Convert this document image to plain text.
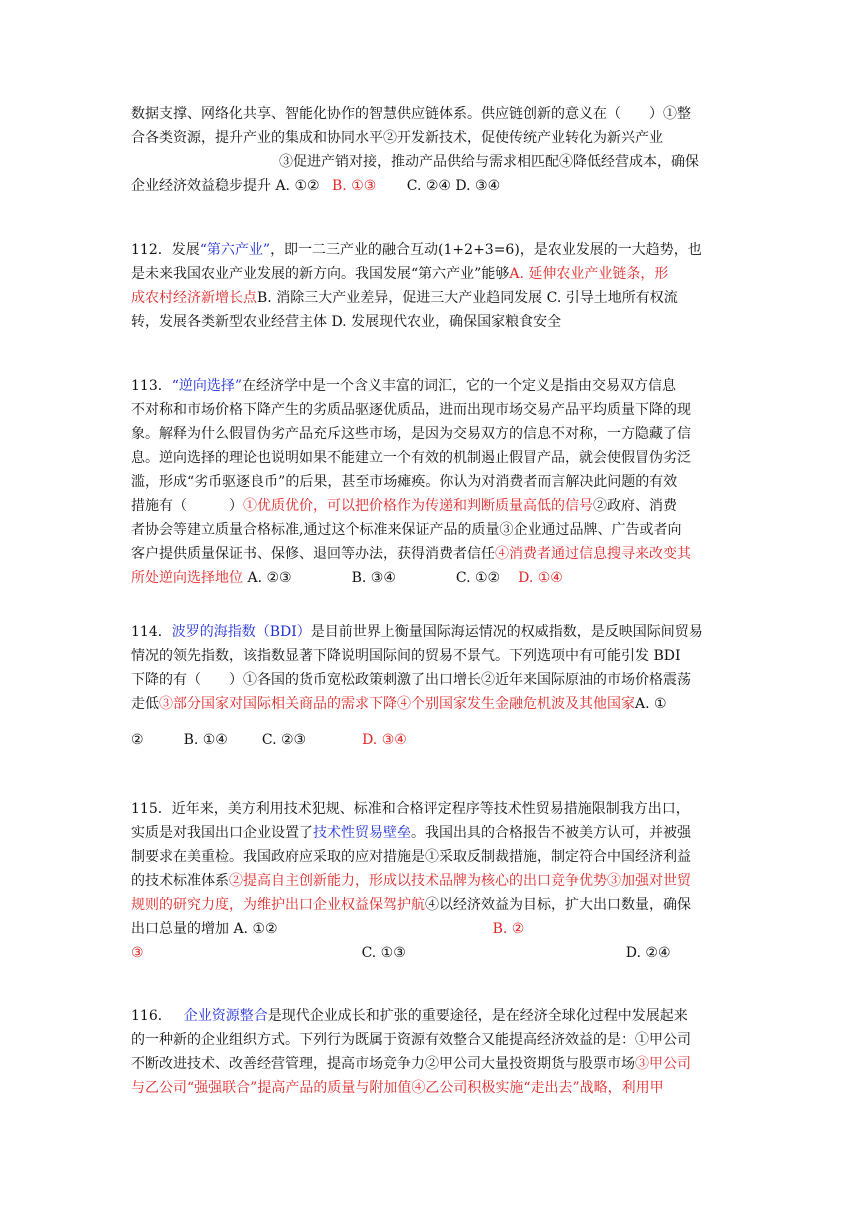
数据支撑、网络化共享、智能化协作的智慧供应链体系。供应链创新的意义在（　　）①整
合各类资源，提升产业的集成和协同水平②开发新技术，促使传统产业转化为新兴产业
③促进产销对接，推动产品供给与需求相匹配④降低经营成本，确保
企业经济效益稳步提升 A. ①② B. ①③ C. ②④ D. ③④
112．发展“第六产业”，即一二三产业的融合互动(1+2+3=6)，是农业发展的一大趋势，也
是未来我国农业产业发展的新方向。我国发展“第六产业”能够A. 延伸农业产业链条，形
成农村经济新增长点B. 消除三大产业差异，促进三大产业趋同发展 C. 引导土地所有权流
转，发展各类新型农业经营主体 D. 发展现代农业，确保国家粮食安全
113．“逆向选择”在经济学中是一个含义丰富的词汇，它的一个定义是指由交易双方信息
不对称和市场价格下降产生的劣质品驱逐优质品，进而出现市场交易产品平均质量下降的现
象。解释为什么假冒伪劣产品充斥这些市场，是因为交易双方的信息不对称，一方隐藏了信
息。逆向选择的理论也说明如果不能建立一个有效的机制遏止假冒产品，就会使假冒伪劣泛
滥，形成“劣币驱逐良币”的后果，甚至市场瘫痪。你认为对消费者而言解决此问题的有效
措施有（　　　）①优质优价，可以把价格作为传递和判断质量高低的信号②政府、消费
者协会等建立质量合格标准,通过这个标准来保证产品的质量③企业通过品牌、广告或者向
客户提供质量保证书、保修、退回等办法，获得消费者信任④消费者通过信息搜寻来改变其
所处逆向选择地位 A. ②③	B. ③④	C. ①② D. ①④
114．波罗的海指数（BDI）是目前世界上衡量国际海运情况的权威指数，是反映国际间贸易
情况的领先指数，该指数显著下降说明国际间的贸易不景气。下列选项中有可能引发 BDI
下降的有（　　）①各国的货币宽松政策刺激了出口增长②近年来国际原油的市场价格震荡
走低③部分国家对国际相关商品的需求下降④个别国家发生金融危机波及其他国家A. ①
②	B. ①④ C. ②③	D. ③④
115．近年来，美方利用技术犯规、标准和合格评定程序等技术性贸易措施限制我方出口，
实质是对我国出口企业设置了技术性贸易壁垒。我国出具的合格报告不被美方认可，并被强
制要求在美重检。我国政府应采取的应对措施是①采取反制裁措施，制定符合中国经济利益
的技术标准体系②提高自主创新能力，形成以技术品牌为核心的出口竞争优势③加强对世贸
规则的研究力度，为维护出口企业权益保驾护航④以经济效益为目标，扩大出口数量，确保
出口总量的增加 A. ①②	B. ②
③	C. ①③	D. ②④
116． 企业资源整合是现代企业成长和扩张的重要途径，是在经济全球化过程中发展起来
的一种新的企业组织方式。下列行为既属于资源有效整合又能提高经济效益的是：①甲公司
不断改进技术、改善经营管理，提高市场竞争力②甲公司大量投资期货与股票市场③甲公司
与乙公司“强强联合”提高产品的质量与附加值④乙公司积极实施“走出去”战略，利用甲
